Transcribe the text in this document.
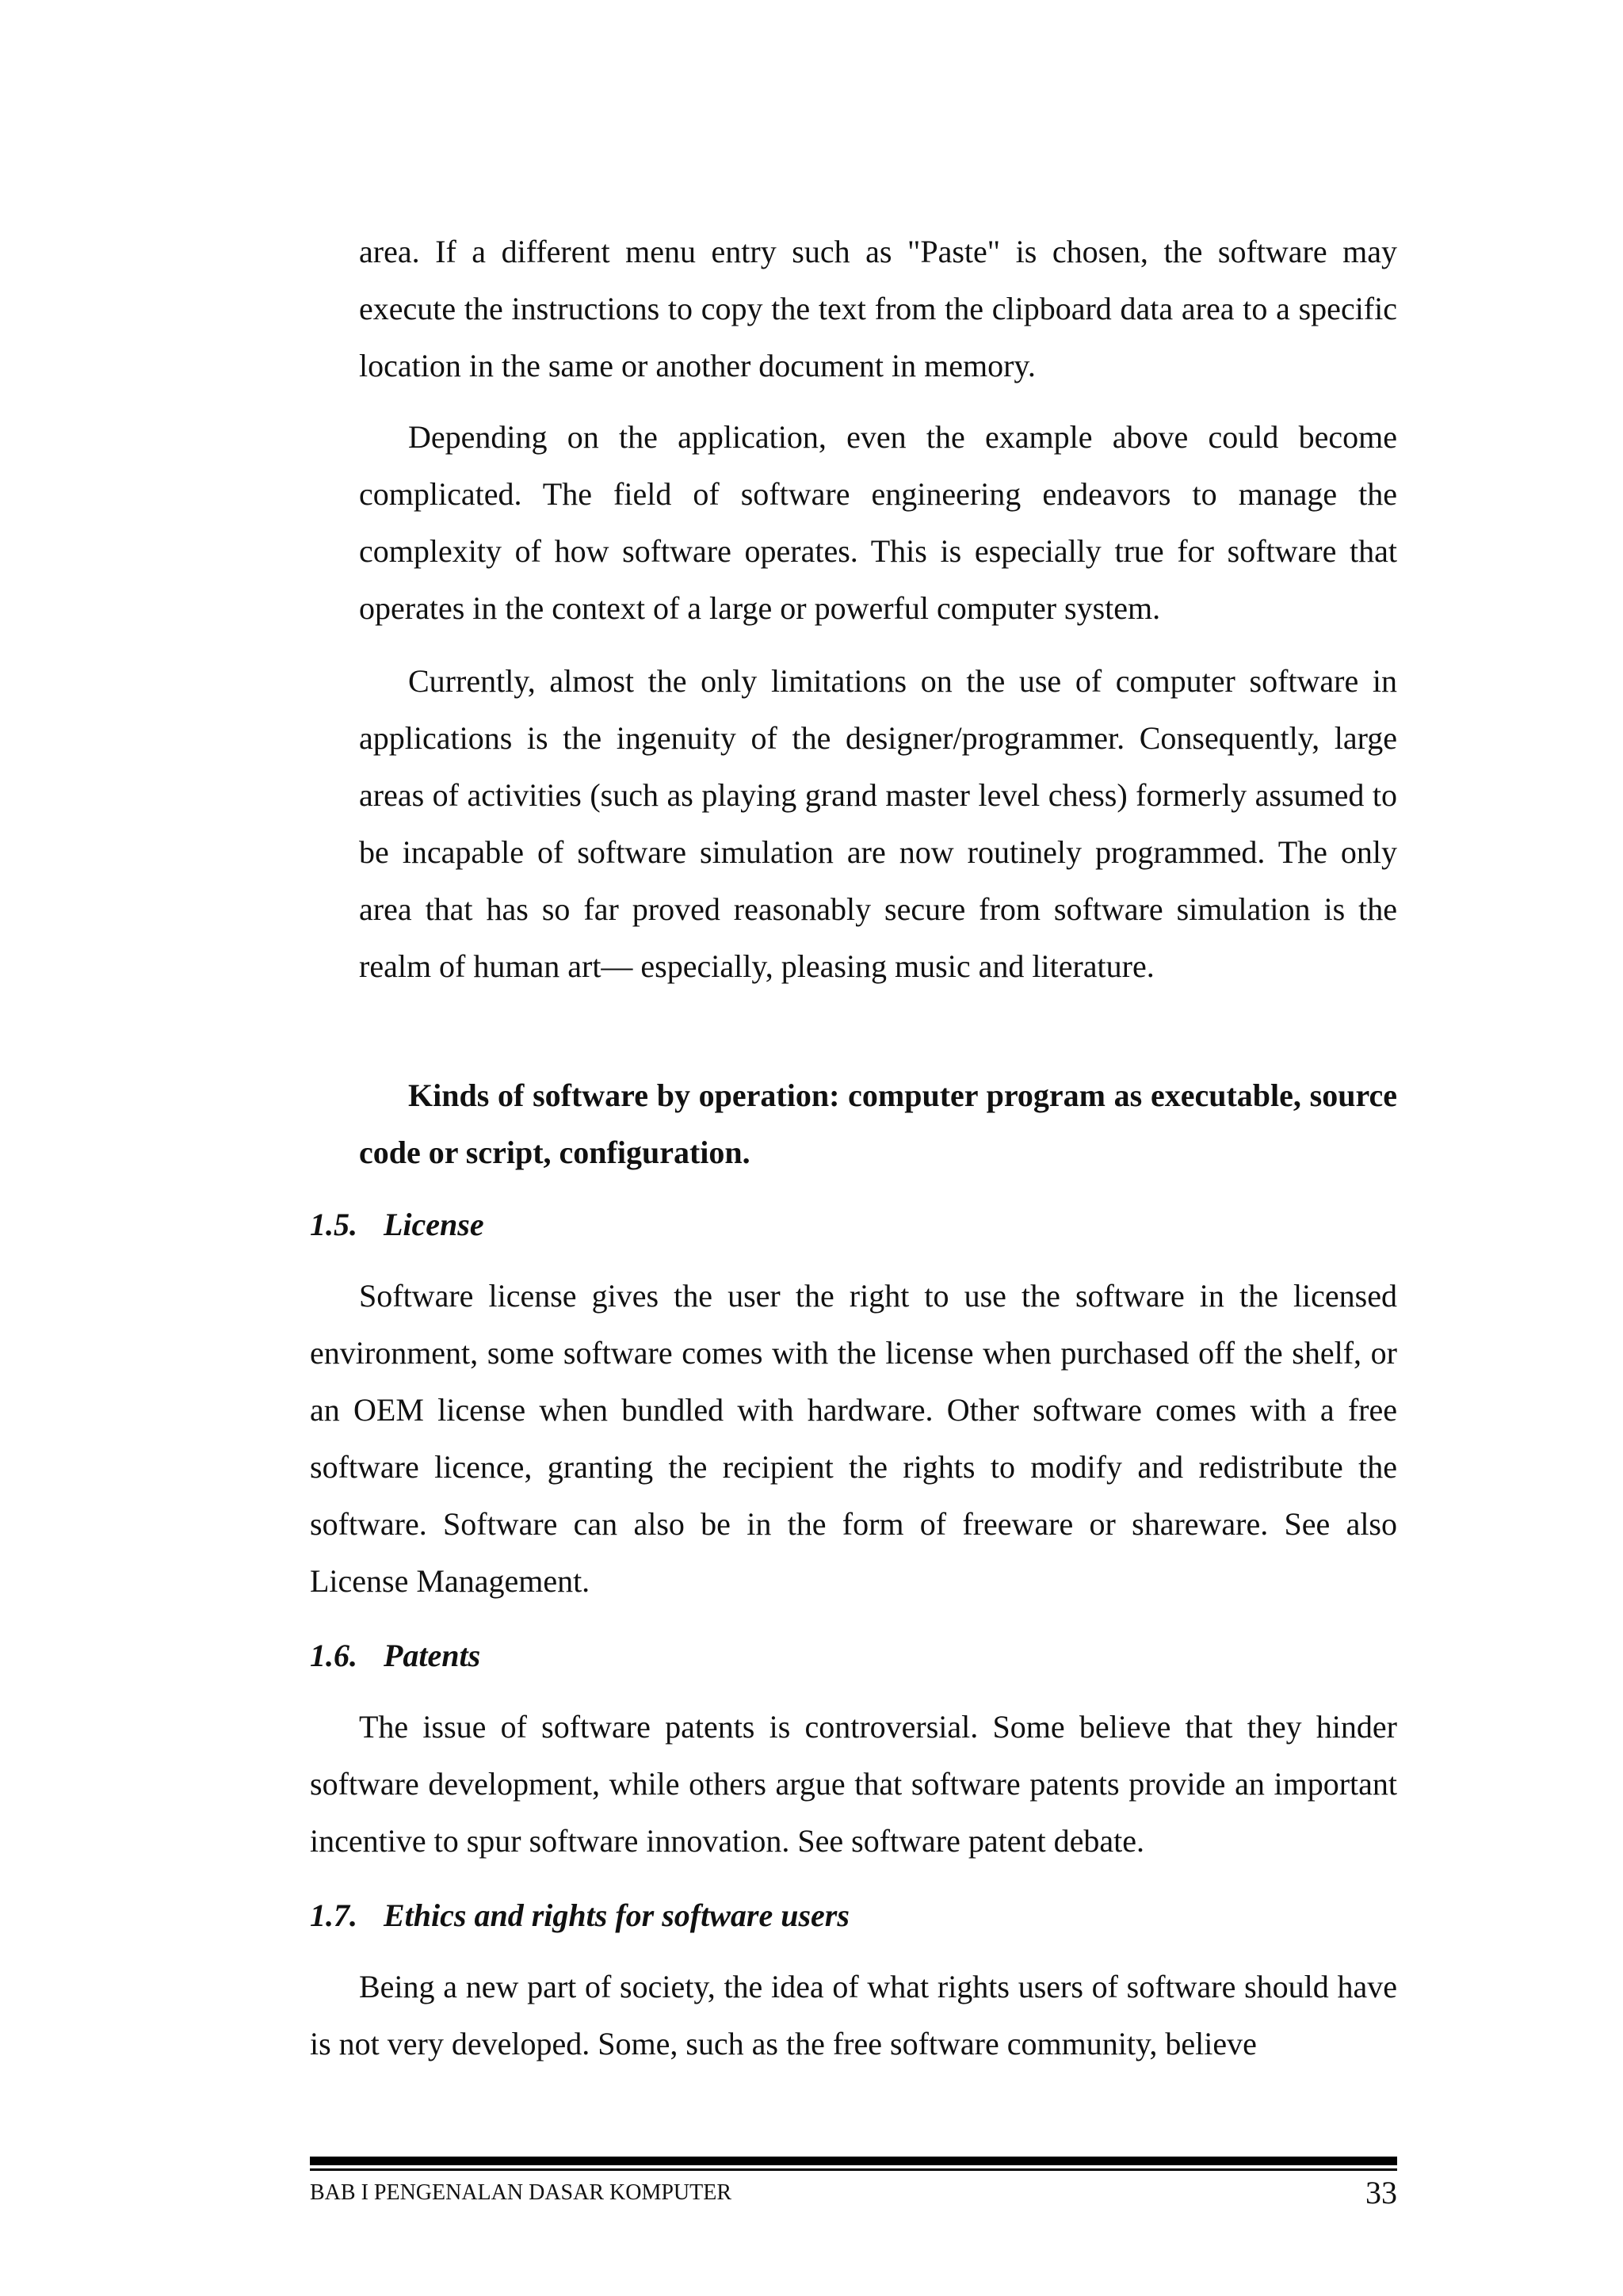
area. If a different menu entry such as "Paste" is chosen, the software may execute the instructions to copy the text from the clipboard data area to a specific location in the same or another document in memory.

Depending on the application, even the example above could become complicated. The field of software engineering endeavors to manage the complexity of how software operates. This is especially true for software that operates in the context of a large or powerful computer system.

Currently, almost the only limitations on the use of computer software in applications is the ingenuity of the designer/programmer. Consequently, large areas of activities (such as playing grand master level chess) formerly assumed to be incapable of software simulation are now routinely programmed. The only area that has so far proved reasonably secure from software simulation is the realm of human art— especially, pleasing music and literature.

Kinds of software by operation: computer program as executable, source code or script, configuration.

1.5. License

Software license gives the user the right to use the software in the licensed environment, some software comes with the license when purchased off the shelf, or an OEM license when bundled with hardware. Other software comes with a free software licence, granting the recipient the rights to modify and redistribute the software. Software can also be in the form of freeware or shareware. See also License Management.

1.6. Patents

The issue of software patents is controversial. Some believe that they hinder software development, while others argue that software patents provide an important incentive to spur software innovation. See software patent debate.

1.7. Ethics and rights for software users

Being a new part of society, the idea of what rights users of software should have is not very developed. Some, such as the free software community, believe

BAB I PENGENALAN DASAR KOMPUTER	33
